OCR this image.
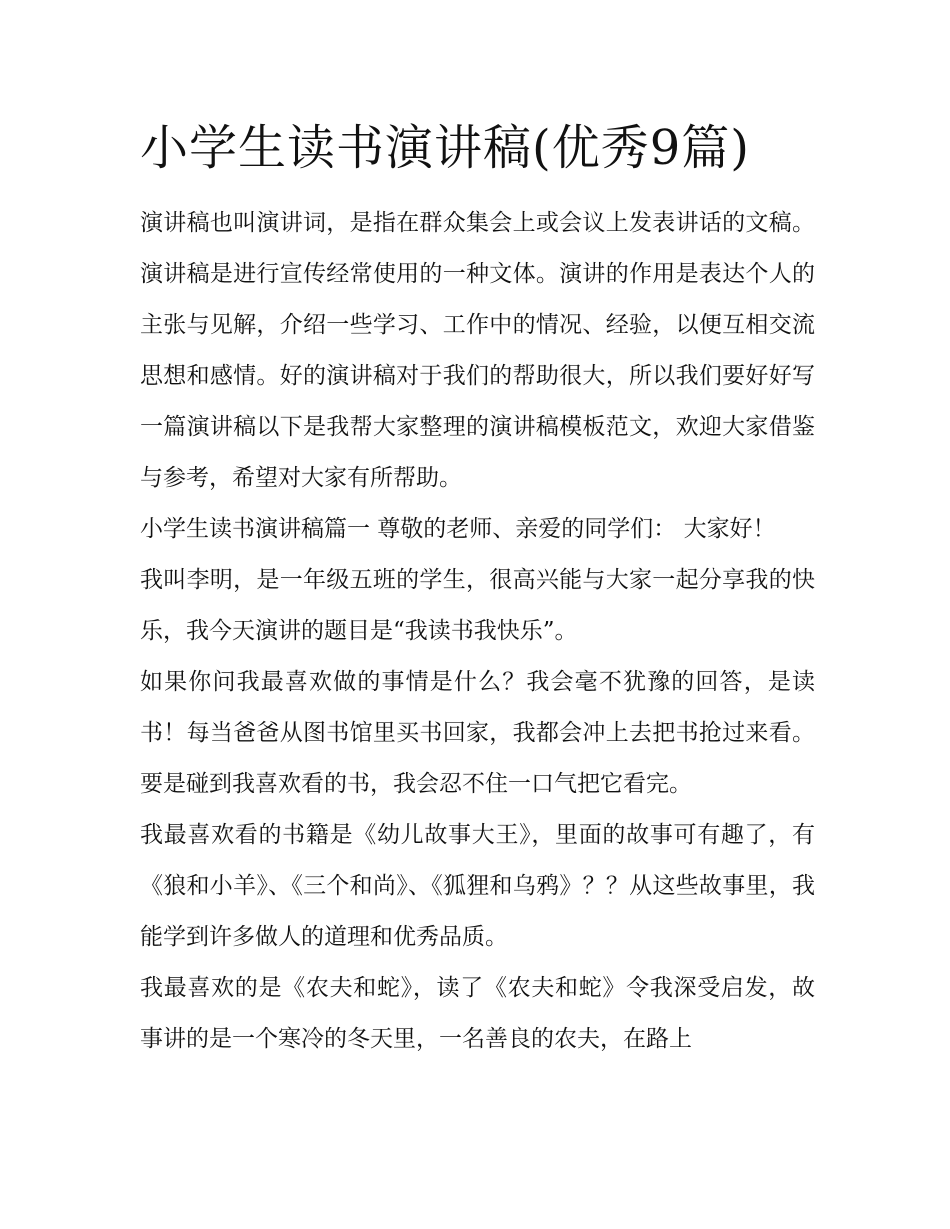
小学生读书演讲稿(优秀9篇)

演讲稿也叫演讲词，是指在群众集会上或会议上发表讲话的文稿。演讲稿是进行宣传经常使用的一种文体。演讲的作用是表达个人的主张与见解，介绍一些学习、工作中的情况、经验，以便互相交流思想和感情。好的演讲稿对于我们的帮助很大，所以我们要好好写一篇演讲稿以下是我帮大家整理的演讲稿模板范文，欢迎大家借鉴与参考，希望对大家有所帮助。

小学生读书演讲稿篇一 尊敬的老师、亲爱的同学们： 大家好！

我叫李明，是一年级五班的学生，很高兴能与大家一起分享我的快乐，我今天演讲的题目是“我读书我快乐”。

如果你问我最喜欢做的事情是什么？我会毫不犹豫的回答，是读书！每当爸爸从图书馆里买书回家，我都会冲上去把书抢过来看。要是碰到我喜欢看的书，我会忍不住一口气把它看完。

我最喜欢看的书籍是《幼儿故事大王》，里面的故事可有趣了，有《狼和小羊》、《三个和尚》、《狐狸和乌鸦》？？从这些故事里，我能学到许多做人的道理和优秀品质。

我最喜欢的是《农夫和蛇》，读了《农夫和蛇》令我深受启发，故事讲的是一个寒冷的冬天里，一名善良的农夫，在路上
